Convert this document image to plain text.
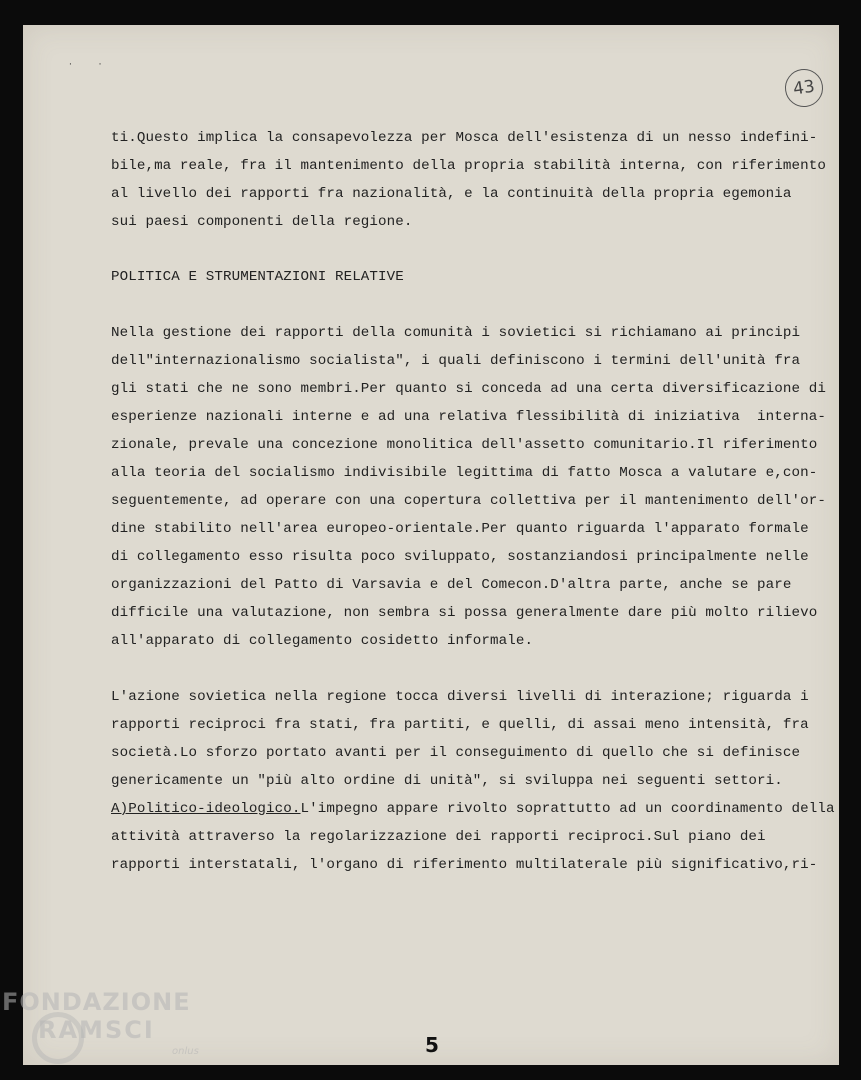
· ·
43
ti.Questo implica la consapevolezza per Mosca dell'esistenza di un nesso indefini-
bile,ma reale, fra il mantenimento della propria stabilità interna, con riferimento
al livello dei rapporti fra nazionalità, e la continuità della propria egemonia
sui paesi componenti della regione.
POLITICA E STRUMENTAZIONI RELATIVE
Nella gestione dei rapporti della comunità i sovietici si richiamano ai principi
dell"internazionalismo socialista", i quali definiscono i termini dell'unità fra
gli stati che ne sono membri.Per quanto si conceda ad una certa diversificazione di
esperienze nazionali interne e ad una relativa flessibilità di iniziativa  interna-
zionale, prevale una concezione monolitica dell'assetto comunitario.Il riferimento
alla teoria del socialismo indivisibile legittima di fatto Mosca a valutare e,con-
seguentemente, ad operare con una copertura collettiva per il mantenimento dell'or-
dine stabilito nell'area europeo-orientale.Per quanto riguarda l'apparato formale
di collegamento esso risulta poco sviluppato, sostanziandosi principalmente nelle
organizzazioni del Patto di Varsavia e del Comecon.D'altra parte, anche se pare
difficile una valutazione, non sembra si possa generalmente dare più molto rilievo
all'apparato di collegamento cosidetto informale.
L'azione sovietica nella regione tocca diversi livelli di interazione; riguarda i
rapporti reciproci fra stati, fra partiti, e quelli, di assai meno intensità, fra
società.Lo sforzo portato avanti per il conseguimento di quello che si definisce
genericamente un "più alto ordine di unità", si sviluppa nei seguenti settori.
A)Politico-ideologico.L'impegno appare rivolto soprattutto ad un coordinamento della
attività attraverso la regolarizzazione dei rapporti reciproci.Sul piano dei
rapporti interstatali, l'organo di riferimento multilaterale più significativo,ri-
5
FONDAZIONE
RAMSCI
onlus
